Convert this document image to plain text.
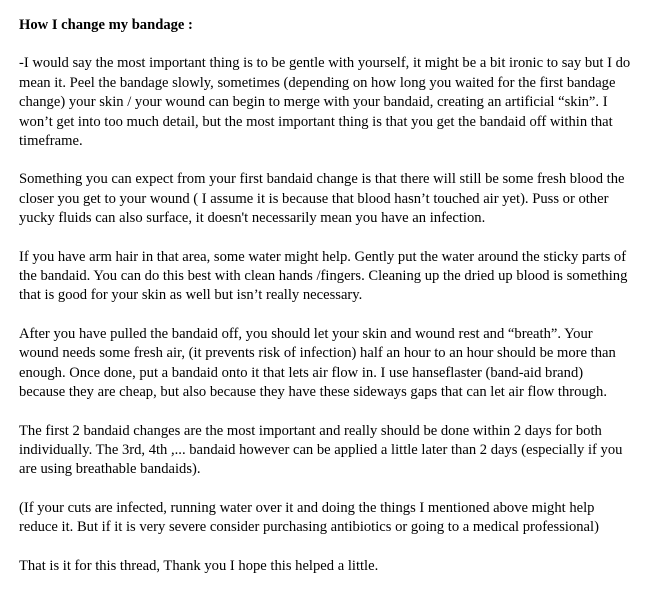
How I change my bandage :

-I would say the most important thing is to be gentle with yourself, it might be a bit ironic to say but I do mean it. Peel the bandage slowly, sometimes (depending on how long you waited for the first bandage change) your skin / your wound can begin to merge with your bandaid, creating an artificial “skin”. I won’t get into too much detail, but the most important thing is that you get the bandaid off within that timeframe.

Something you can expect from your first bandaid change is that there will still be some fresh blood the closer you get to your wound ( I assume it is because that blood hasn’t touched air yet). Puss or other yucky fluids can also surface, it doesn't necessarily mean you have an infection.

If you have arm hair in that area, some water might help. Gently put the water around the sticky parts of the bandaid. You can do this best with clean hands /fingers. Cleaning up the dried up blood is something that is good for your skin as well but isn’t really necessary.

After you have pulled the bandaid off, you should let your skin and wound rest and “breath”. Your wound needs some fresh air, (it prevents risk of infection) half an hour to an hour should be more than enough. Once done, put a bandaid onto it that lets air flow in. I use hanseflaster (band-aid brand) because they are cheap, but also because they have these sideways gaps that can let air flow through.

The first 2 bandaid changes are the most important and really should be done within 2 days for both individually. The 3rd, 4th ,... bandaid however can be applied a little later than 2 days (especially if you are using breathable bandaids).

(If your cuts are infected, running water over it and doing the things I mentioned above might help reduce it. But if it is very severe consider purchasing antibiotics or going to a medical professional)

That is it for this thread, Thank you I hope this helped a little.
